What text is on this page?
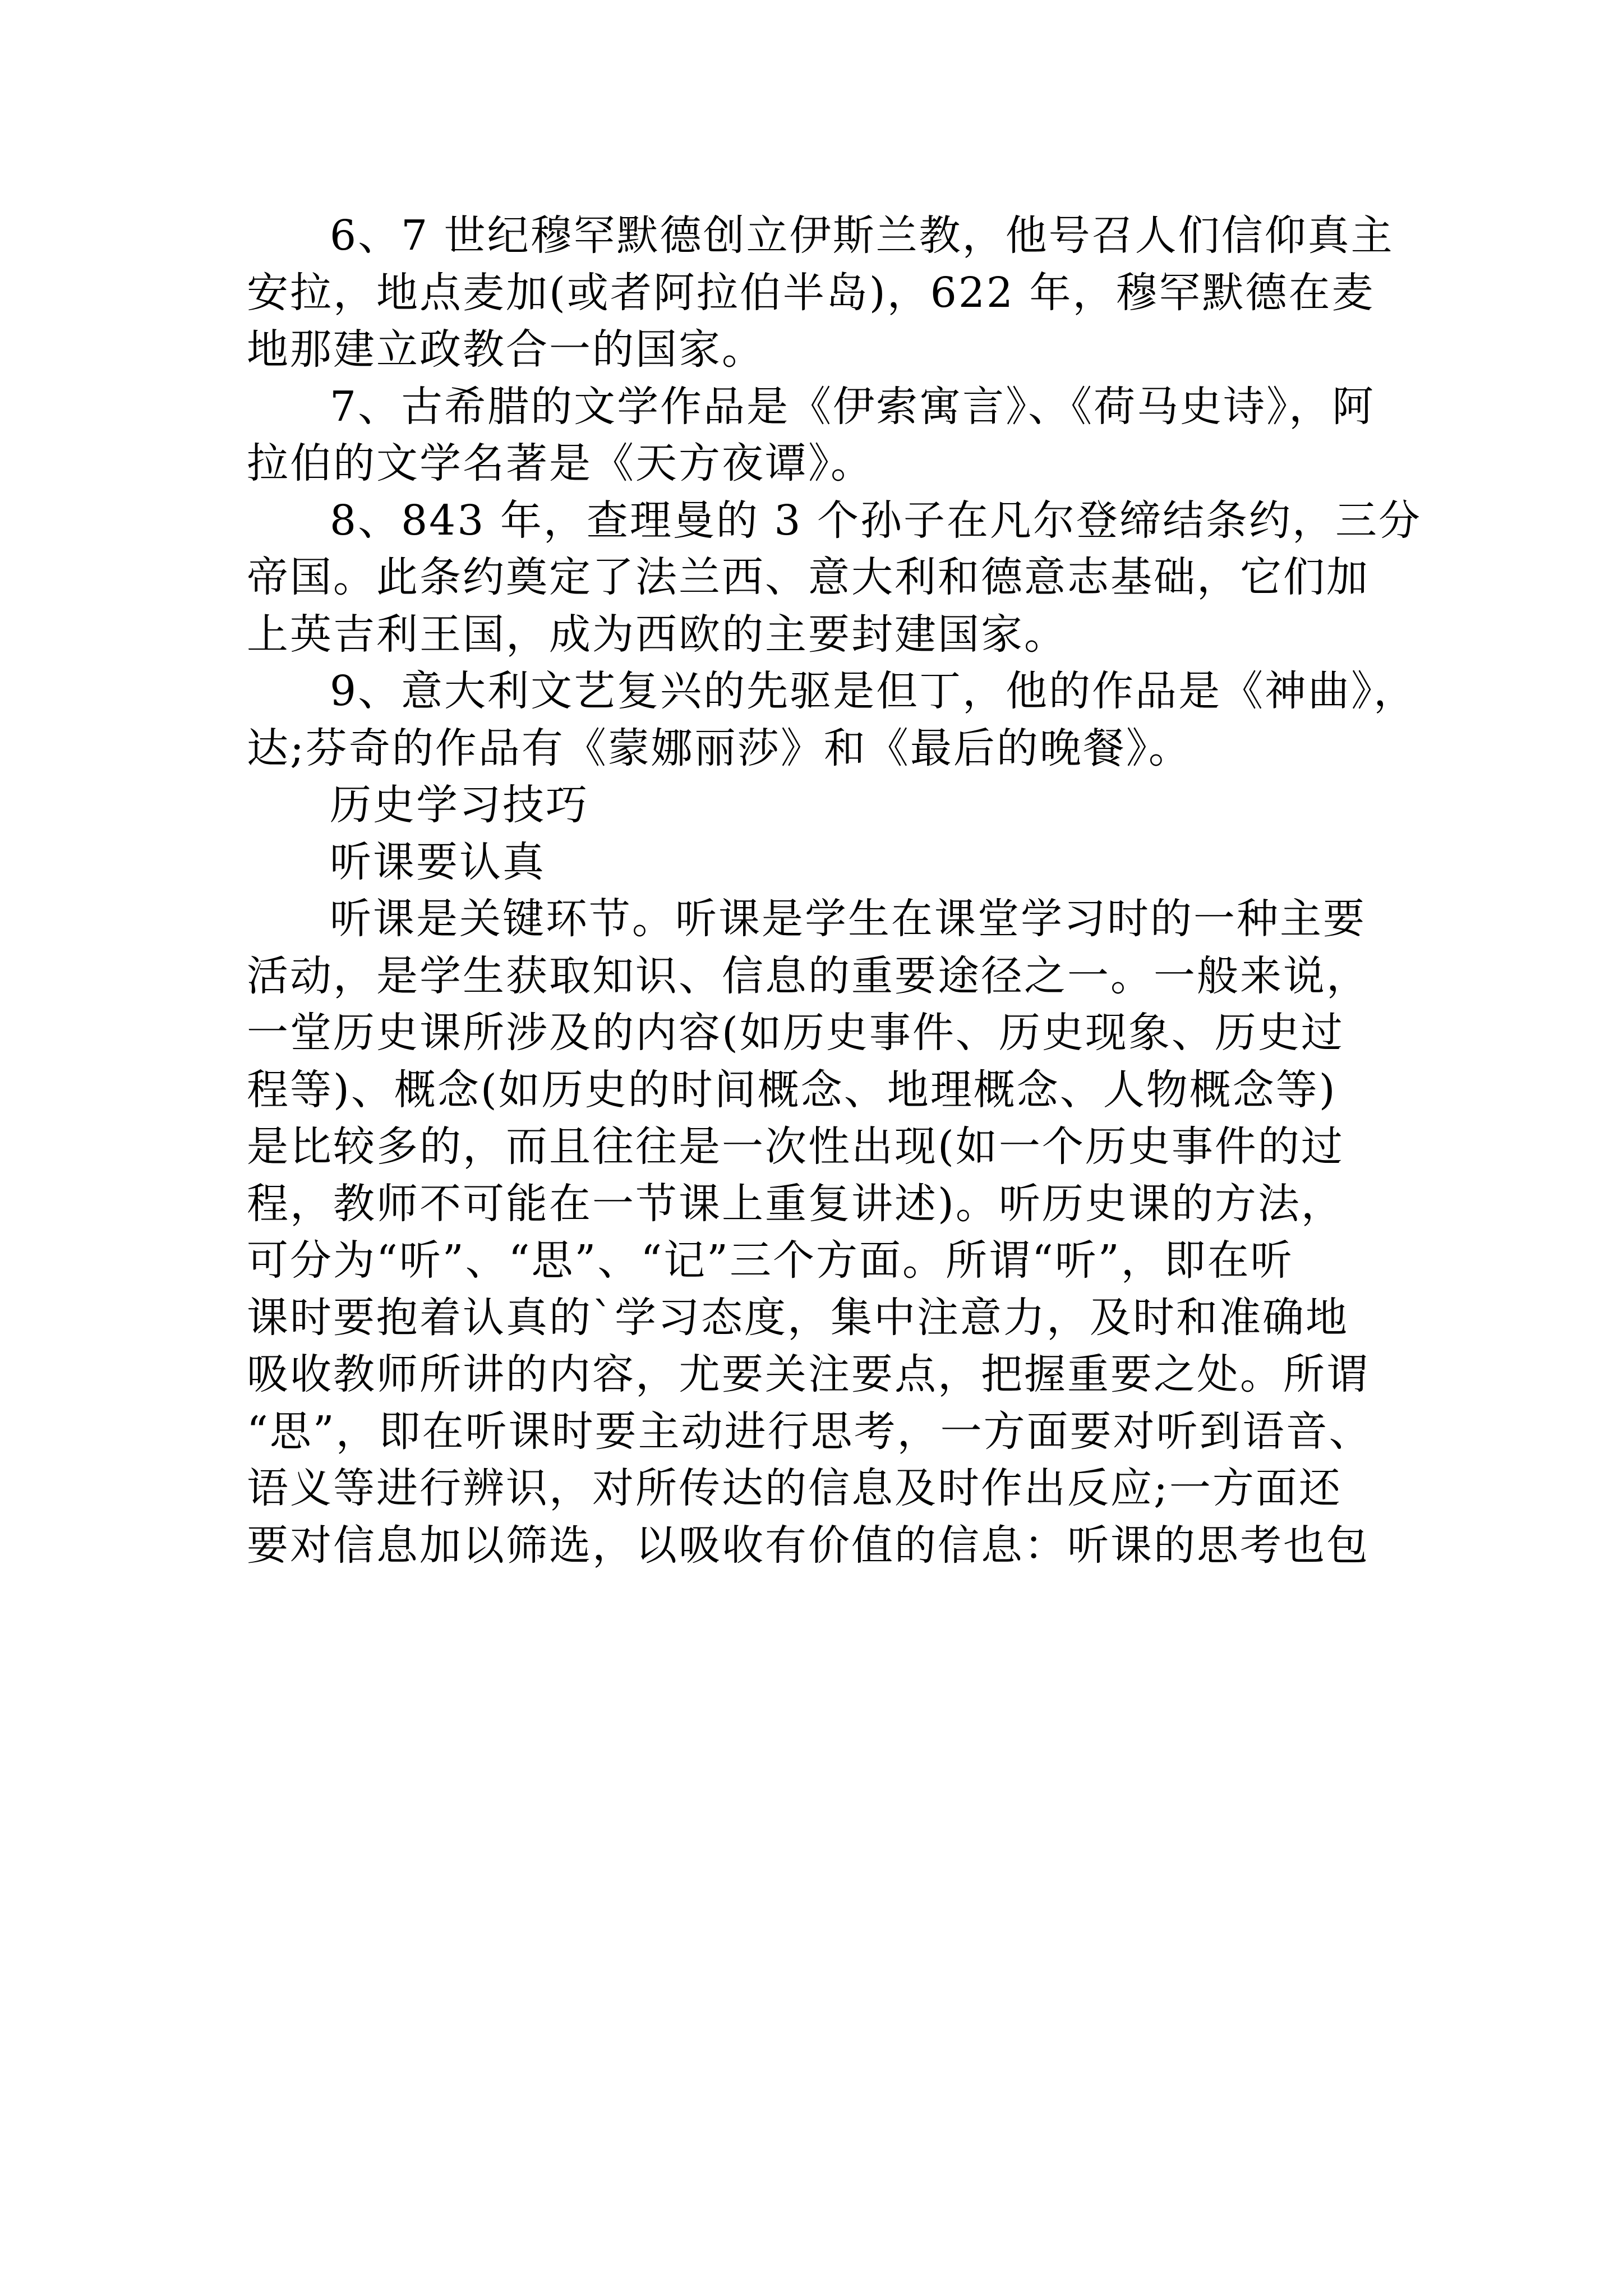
6、7 世纪穆罕默德创立伊斯兰教，他号召人们信仰真主
安拉，地点麦加(或者阿拉伯半岛)，622 年，穆罕默德在麦
地那建立政教合一的国家。

7、古希腊的文学作品是《伊索寓言》、《荷马史诗》，阿
拉伯的文学名著是《天方夜谭》。

8、843 年，查理曼的 3 个孙子在凡尔登缔结条约，三分
帝国。此条约奠定了法兰西、意大利和德意志基础，它们加
上英吉利王国，成为西欧的主要封建国家。

9、意大利文艺复兴的先驱是但丁，他的作品是《神曲》，
达;芬奇的作品有《蒙娜丽莎》和《最后的晚餐》。

历史学习技巧

听课要认真

听课是关键环节。听课是学生在课堂学习时的一种主要
活动，是学生获取知识、信息的重要途径之一。一般来说，
一堂历史课所涉及的内容(如历史事件、历史现象、历史过
程等)、概念(如历史的时间概念、地理概念、人物概念等)
是比较多的，而且往往是一次性出现(如一个历史事件的过
程，教师不可能在一节课上重复讲述)。听历史课的方法，
可分为“听”、“思”、“记”三个方面。所谓“听”，即在听
课时要抱着认真的`学习态度，集中注意力，及时和准确地
吸收教师所讲的内容，尤要关注要点，把握重要之处。所谓
“思”，即在听课时要主动进行思考，一方面要对听到语音、
语义等进行辨识，对所传达的信息及时作出反应;一方面还
要对信息加以筛选，以吸收有价值的信息：听课的思考也包
